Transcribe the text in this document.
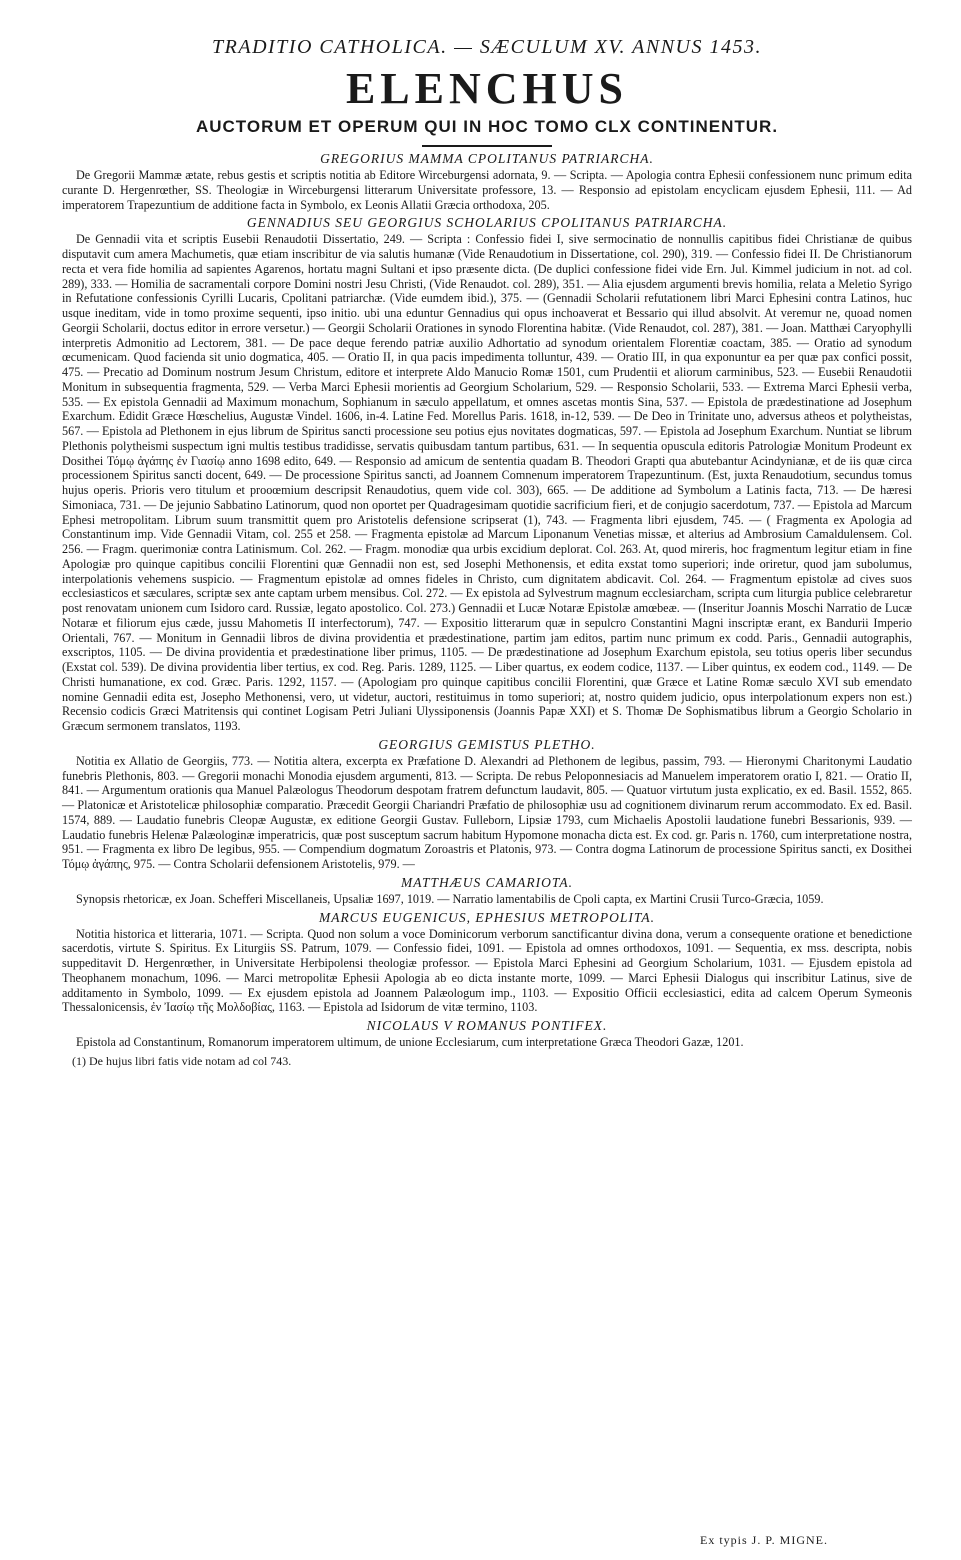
TRADITIO CATHOLICA. — SÆCULUM XV. ANNUS 1453.
ELENCHUS
AUCTORUM ET OPERUM QUI IN HOC TOMO CLX CONTINENTUR.
GREGORIUS MAMMA CPOLITANUS PATRIARCHA.

De Gregorii Mammæ ætate, rebus gestis et scriptis notitia ab Editore Wirceburgensi adornata, 9. — Scripta. — Apologia contra Ephesii confessionem nunc primum edita curante D. Hergenrœther, SS. Theologiæ in Wirceburgensi litterarum Universitate professore, 13. — Responsio ad epistolam encyclicam ejusdem Ephesii, 111. — Ad imperatorem Trapezuntium de additione facta in Symbolo, ex Leonis Allatii Græcia orthodoxa, 205.

GENNADIUS SEU GEORGIUS SCHOLARIUS CPOLITANUS PATRIARCHA.

De Gennadii vita et scriptis Eusebii Renaudotii Dissertatio, 249. — Scripta : Confessio fidei I, sive sermocinatio de nonnullis capitibus fidei Christianæ de quibus disputavit cum amera Machumetis, quæ etiam inscribitur de via salutis humanæ (Vide Renaudotium in Dissertatione, col. 290), 319. — Confessio fidei II. De Christianorum recta et vera fide homilia ad sapientes Agarenos, hortatu magni Sultani et ipso præsente dicta. (De duplici confessione fidei vide Ern. Jul. Kimmel judicium in not. ad col. 289), 333. — Homilia de sacramentali corpore Domini nostri Jesu Christi, (Vide Renaudot. col. 289), 351. — Alia ejusdem argumenti brevis homilia, relata a Meletio Syrigo in Refutatione confessionis Cyrilli Lucaris, Cpolitani patriarchæ. (Vide eumdem ibid.), 375. — (Gennadii Scholarii refutationem libri Marci Ephesini contra Latinos, huc usque ineditam, vide in tomo proxime sequenti, ipso initio. ubi una eduntur Gennadius qui opus inchoaverat et Bessario qui illud absolvit. At veremur ne, quoad nomen Georgii Scholarii, doctus editor in errore versetur.) — Georgii Scholarii Orationes in synodo Florentina habitæ. (Vide Renaudot, col. 287), 381. — Joan. Matthæi Caryophylli interpretis Admonitio ad Lectorem, 381. — De pace deque ferendo patriæ auxilio Adhortatio ad synodum orientalem Florentiæ coactam, 385. — Oratio ad synodum œcumenicam. Quod facienda sit unio dogmatica, 405. — Oratio II, in qua pacis impedimenta tolluntur, 439. — Oratio III, in qua exponuntur ea per quæ pax confici possit, 475. — Precatio ad Dominum nostrum Jesum Christum, editore et interprete Aldo Manucio Romæ 1501, cum Prudentii et aliorum carminibus, 523. — Eusebii Renaudotii Monitum in subsequentia fragmenta, 529. — Verba Marci Ephesii morientis ad Georgium Scholarium, 529. — Responsio Scholarii, 533. — Extrema Marci Ephesii verba, 535. — Ex epistola Gennadii ad Maximum monachum, Sophianum in sæculo appellatum, et omnes ascetas montis Sina, 537. — Epistola de prædestinatione ad Josephum Exarchum. Edidit Græce Hœschelius, Augustæ Vindel. 1606, in-4. Latine Fed. Morellus Paris. 1618, in-12, 539. — De Deo in Trinitate uno, adversus atheos et polytheistas, 567. — Epistola ad Plethonem in ejus librum de Spiritus sancti processione seu potius ejus novitates dogmaticas, 597. — Epistola ad Josephum Exarchum. Nuntiat se librum Plethonis polytheismi suspectum igni multis testibus tradidisse, servatis quibusdam tantum partibus, 631. — In sequentia opuscula editoris Patrologiæ Monitum Prodeunt ex Dosithei Τόμῳ ἀγάπης ἐν Γιασίῳ anno 1698 edito, 649. — Responsio ad amicum de sententia quadam B. Theodori Grapti qua abutebantur Acindynianæ, et de iis quæ circa processionem Spiritus sancti docent, 649. — De processione Spiritus sancti, ad Joannem Comnenum imperatorem Trapezuntinum. (Est, juxta Renaudotium, secundus tomus hujus operis. Prioris vero titulum et prooœmium descripsit Renaudotius, quem vide col. 303), 665. — De additione ad Symbolum a Latinis facta, 713. — De hæresi Simoniaca, 731. — De jejunio Sabbatino Latinorum, quod non oportet per Quadragesimam quotidie sacrificium fieri, et de conjugio sacerdotum, 737. — Epistola ad Marcum Ephesi metropolitam. Librum suum transmittit quem pro Aristotelis defensione scripserat (1), 743. — Fragmenta libri ejusdem, 745. — ( Fragmenta ex Apologia ad Constantinum imp. Vide Gennadii Vitam, col. 255 et 258. — Fragmenta epistolæ ad Marcum Liponanum Venetias missæ, et alterius ad Ambrosium Camaldulensem. Col. 256. — Fragm. querimoniæ contra Latinismum. Col. 262. — Fragm. monodiæ qua urbis excidium deplorat. Col. 263. At, quod mireris, hoc fragmentum legitur etiam in fine Apologiæ pro quinque capitibus concilii Florentini quæ Gennadii non est, sed Josephi Methonensis, et edita exstat tomo superiori; inde oriretur, quod jam subolumus, interpolationis vehemens suspicio. — Fragmentum epistolæ ad omnes fideles in Christo, cum dignitatem abdicavit. Col. 264. — Fragmentum epistolæ ad cives suos ecclesiasticos et sæculares, scriptæ sex ante captam urbem mensibus. Col. 272. — Ex epistola ad Sylvestrum magnum ecclesiarcham, scripta cum liturgia publice celebraretur post renovatam unionem cum Isidoro card. Russiæ, legato apostolico. Col. 273.) Gennadii et Lucæ Notaræ Epistolæ amœbeæ. — (Inseritur Joannis Moschi Narratio de Lucæ Notaræ et filiorum ejus cæde, jussu Mahometis II interfectorum), 747. — Expositio litterarum quæ in sepulcro Constantini Magni inscriptæ erant, ex Bandurii Imperio Orientali, 767. — Monitum in Gennadii libros de divina providentia et prædestinatione, partim jam editos, partim nunc primum ex codd. Paris., Gennadii autographis, exscriptos, 1105. — De divina providentia et prædestinatione liber primus, 1105. — De prædestinatione ad Josephum Exarchum epistola, seu totius operis liber secundus (Exstat col. 539). De divina providentia liber tertius, ex cod. Reg. Paris. 1289, 1125. — Liber quartus, ex eodem codice, 1137. — Liber quintus, ex eodem cod., 1149. — De Christi humanatione, ex cod. Græc. Paris. 1292, 1157. — (Apologiam pro quinque capitibus concilii Florentini, quæ Græce et Latine Romæ sæculo XVI sub emendato nomine Gennadii edita est, Josepho Methonensi, vero, ut videtur, auctori, restituimus in tomo superiori; at, nostro quidem judicio, opus interpolationum expers non est.) Recensio codicis Græci Matritensis qui continet Logisam Petri Juliani Ulyssiponensis (Joannis Papæ XXI) et S. Thomæ De Sophismatibus librum a Georgio Scholario in Græcum sermonem translatos, 1193.

GEORGIUS GEMISTUS PLETHO.

Notitia ex Allatio de Georgiis, 773. — Notitia altera, excerpta ex Præfatione D. Alexandri ad Plethonem de legibus, passim, 793. — Hieronymi Charitonymi Laudatio funebris Plethonis, 803. — Gregorii monachi Monodia ejusdem argumenti, 813. — Scripta. De rebus Peloponnesiacis ad Manuelem imperatorem oratio I, 821. — Oratio II, 841. — Argumentum orationis qua Manuel Palæologus Theodorum despotam fratrem defunctum laudavit, 805. — Quatuor virtutum justa explicatio, ex ed. Basil. 1552, 865. — Platonicæ et Aristotelicæ philosophiæ comparatio. Præcedit Georgii Chariandri Præfatio de philosophiæ usu ad cognitionem divinarum rerum accommodato. Ex ed. Basil. 1574, 889. — Laudatio funebris Cleopæ Augustæ, ex editione Georgii Gustav. Fulleborn, Lipsiæ 1793, cum Michaelis Apostolii laudatione funebri Bessarionis, 939. — Laudatio funebris Helenæ Palæologinæ imperatricis, quæ post susceptum sacrum habitum Hypomone monacha dicta est. Ex cod. gr. Paris n. 1760, cum interpretatione nostra, 951. — Fragmenta ex libro De legibus, 955. — Compendium dogmatum Zoroastris et Platonis, 973. — Contra dogma Latinorum de processione Spiritus sancti, ex Dosithei Τόμῳ ἀγάπης, 975. — Contra Scholarii defensionem Aristotelis, 979. —

MATTHÆUS CAMARIOTA.

Synopsis rhetoricæ, ex Joan. Schefferi Miscellaneis, Upsaliæ 1697, 1019. — Narratio lamentabilis de Cpoli capta, ex Martini Crusii Turco-Græcia, 1059.

MARCUS EUGENICUS, EPHESIUS METROPOLITA.

Notitia historica et litteraria, 1071. — Scripta. Quod non solum a voce Dominicorum verborum sanctificantur divina dona, verum a consequente oratione et benedictione sacerdotis, virtute S. Spiritus. Ex Liturgiis SS. Patrum, 1079. — Confessio fidei, 1091. — Epistola ad omnes orthodoxos, 1091. — Sequentia, ex mss. descripta, nobis suppeditavit D. Hergenrœther, in Universitate Herbipolensi theologiæ professor. — Epistola Marci Ephesini ad Georgium Scholarium, 1031. — Ejusdem epistola ad Theophanem monachum, 1096. — Marci metropolitæ Ephesii Apologia ab eo dicta instante morte, 1099. — Marci Ephesii Dialogus qui inscribitur Latinus, sive de additamento in Symbolo, 1099. — Ex ejusdem epistola ad Joannem Palæologum imp., 1103. — Expositio Officii ecclesiastici, edita ad calcem Operum Symeonis Thessalonicensis, ἐν Ἰασίῳ τῆς Μολδοβίας, 1163. — Epistola ad Isidorum de vitæ termino, 1103.

NICOLAUS V ROMANUS PONTIFEX.

Epistola ad Constantinum, Romanorum imperatorem ultimum, de unione Ecclesiarum, cum interpretatione Græca Theodori Gazæ, 1201.

(1) De hujus libri fatis vide notam ad col 743.
Ex typis J. P. MIGNE.
